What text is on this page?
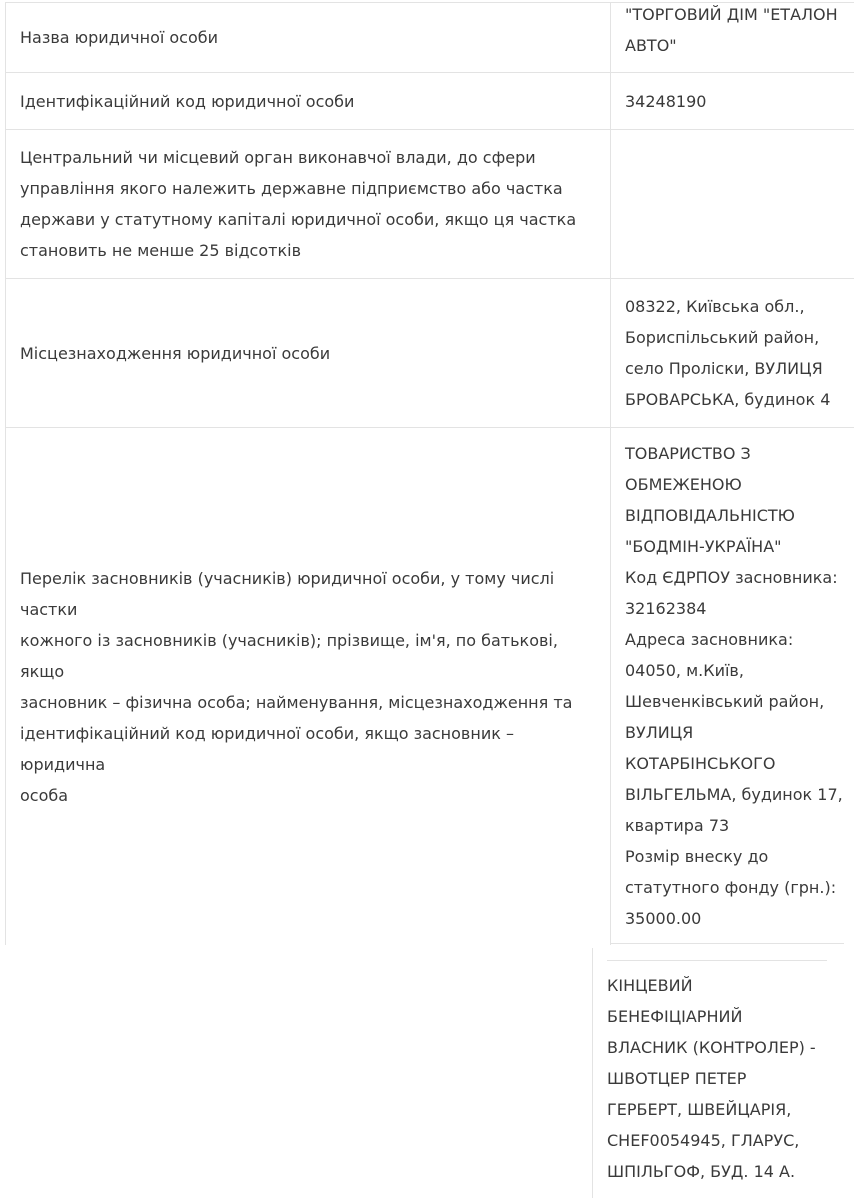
Назва юридичної особи
"ТОРГОВИЙ ДІМ "ЕТАЛОН
АВТО"
Ідентифікаційний код юридичної особи	34248190
Центральний чи місцевий орган виконавчої влади, до сфери
управління якого належить державне підприємство або частка
держави у статутному капіталі юридичної особи, якщо ця частка
становить не менше 25 відсотків
Місцезнаходження юридичної особи
08322, Київська обл.,
Бориспільський район,
село Пролiски, ВУЛИЦЯ
БРОВАРСЬКА, будинок 4
Перелік засновників (учасників) юридичної особи, у тому числі частки
кожного із засновників (учасників); прізвище, ім'я, по батькові, якщо
засновник – фізична особа; найменування, місцезнаходження та
ідентифікаційний код юридичної особи, якщо засновник – юридична
особа
ТОВАРИСТВО З
ОБМЕЖЕНОЮ
ВІДПОВІДАЛЬНІСТЮ
"БОДМІН-УКРАЇНА"
Код ЄДРПОУ засновника:
32162384
Адреса засновника:
04050, м.Київ,
Шевченківський район,
ВУЛИЦЯ
КОТАРБІНСЬКОГО
ВІЛЬГЕЛЬМА, будинок 17,
квартира 73
Розмір внеску до
статутного фонду (грн.):
35000.00
КІНЦЕВИЙ
БЕНЕФІЦІАРНИЙ
ВЛАСНИК (КОНТРОЛЕР) -
ШВОТЦЕР ПЕТЕР
ГЕРБЕРТ, ШВЕЙЦАРІЯ,
CHEF0054945, ГЛАРУС,
ШПІЛЬГОФ, БУД. 14 А.
